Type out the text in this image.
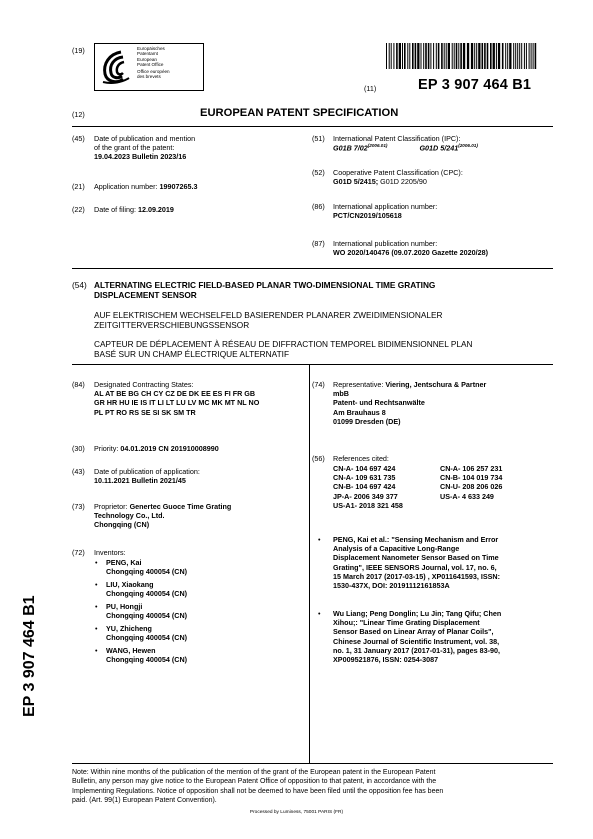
(19)	Europäisches
Patentamt
European
Patent Office
Office européen
des brevets
(11)	EP 3 907 464 B1
(12)	EUROPEAN PATENT SPECIFICATION
(45) Date of publication and mention
of the grant of the patent:
19.04.2023 Bulletin 2023/16
(21) Application number: 19907265.3
(22) Date of filing: 12.09.2019
(51) International Patent Classification (IPC):
G01B $7/02^{(2006.01)}$	G01D $5/241^{(2006.01)}$
(52) Cooperative Patent Classification (CPC):
G01D 5/2415; G01D 2205/90
(86) International application number:
PCT/CN2019/105618
(87) International publication number:
WO 2020/140476 (09.07.2020 Gazette 2020/28)
(54) ALTERNATING ELECTRIC FIELD-BASED PLANAR TWO-DIMENSIONAL TIME GRATING
DISPLACEMENT SENSOR
AUF ELEKTRISCHEM WECHSELFELD BASIERENDER PLANARER ZWEIDIMENSIONALER
ZEITGITTERVERSCHIEBUNGSSENSOR
CAPTEUR DE DÉPLACEMENT À RÉSEAU DE DIFFRACTION TEMPOREL BIDIMENSIONNEL PLAN
BASÉ SUR UN CHAMP ÉLECTRIQUE ALTERNATIF
(84) Designated Contracting States:
AL AT BE BG CH CY CZ DE DK EE ES FI FR GB
GR HR HU IE IS IT LI LT LU LV MC MK MT NL NO
PL PT RO RS SE SI SK SM TR
(30) Priority: 04.01.2019 CN 201910008990
(43) Date of publication of application:
10.11.2021 Bulletin 2021/45
(73) Proprietor: Genertec Guoce Time Grating
Technology Co., Ltd.
Chongqing (CN)
(72) Inventors:
• PENG, Kai
Chongqing 400054 (CN)
• LIU, Xiaokang
Chongqing 400054 (CN)
• PU, Hongji
Chongqing 400054 (CN)
• YU, Zhicheng
Chongqing 400054 (CN)
• WANG, Hewen
Chongqing 400054 (CN)
(74) Representative: Viering, Jentschura & Partner
mbB
Patent- und Rechtsanwälte
Am Brauhaus 8
01099 Dresden (DE)
(56) References cited:
CN-A- 104 697 424	CN-A- 106 257 231
CN-A- 109 631 735	CN-B- 104 019 734
CN-B- 104 697 424	CN-U- 208 206 026
JP-A- 2006 349 377	US-A- 4 633 249
US-A1- 2018 321 458
• PENG, Kai et al.: "Sensing Mechanism and Error
Analysis of a Capacitive Long-Range
Displacement Nanometer Sensor Based on Time
Grating", IEEE SENSORS Journal, vol. 17, no. 6,
15 March 2017 (2017-03-15) , XP011641593, ISSN:
1530-437X, DOI: 20191112161853A
• Wu Liang; Peng Donglin; Lu Jin; Tang Qifu; Chen
Xihou;: "Linear Time Grating Displacement
Sensor Based on Linear Array of Planar Coils",
Chinese Journal of Scientific Instrument, vol. 38,
no. 1, 31 January 2017 (2017-01-31), pages 83-90,
XP009521876, ISSN: 0254-3087
EP 3 907 464 B1
Note: Within nine months of the publication of the mention of the grant of the European patent in the European Patent
Bulletin, any person may give notice to the European Patent Office of opposition to that patent, in accordance with the
Implementing Regulations. Notice of opposition shall not be deemed to have been filed until the opposition fee has been
paid. (Art. 99(1) European Patent Convention).
Processed by Luminess, 75001 PARIS (FR)
